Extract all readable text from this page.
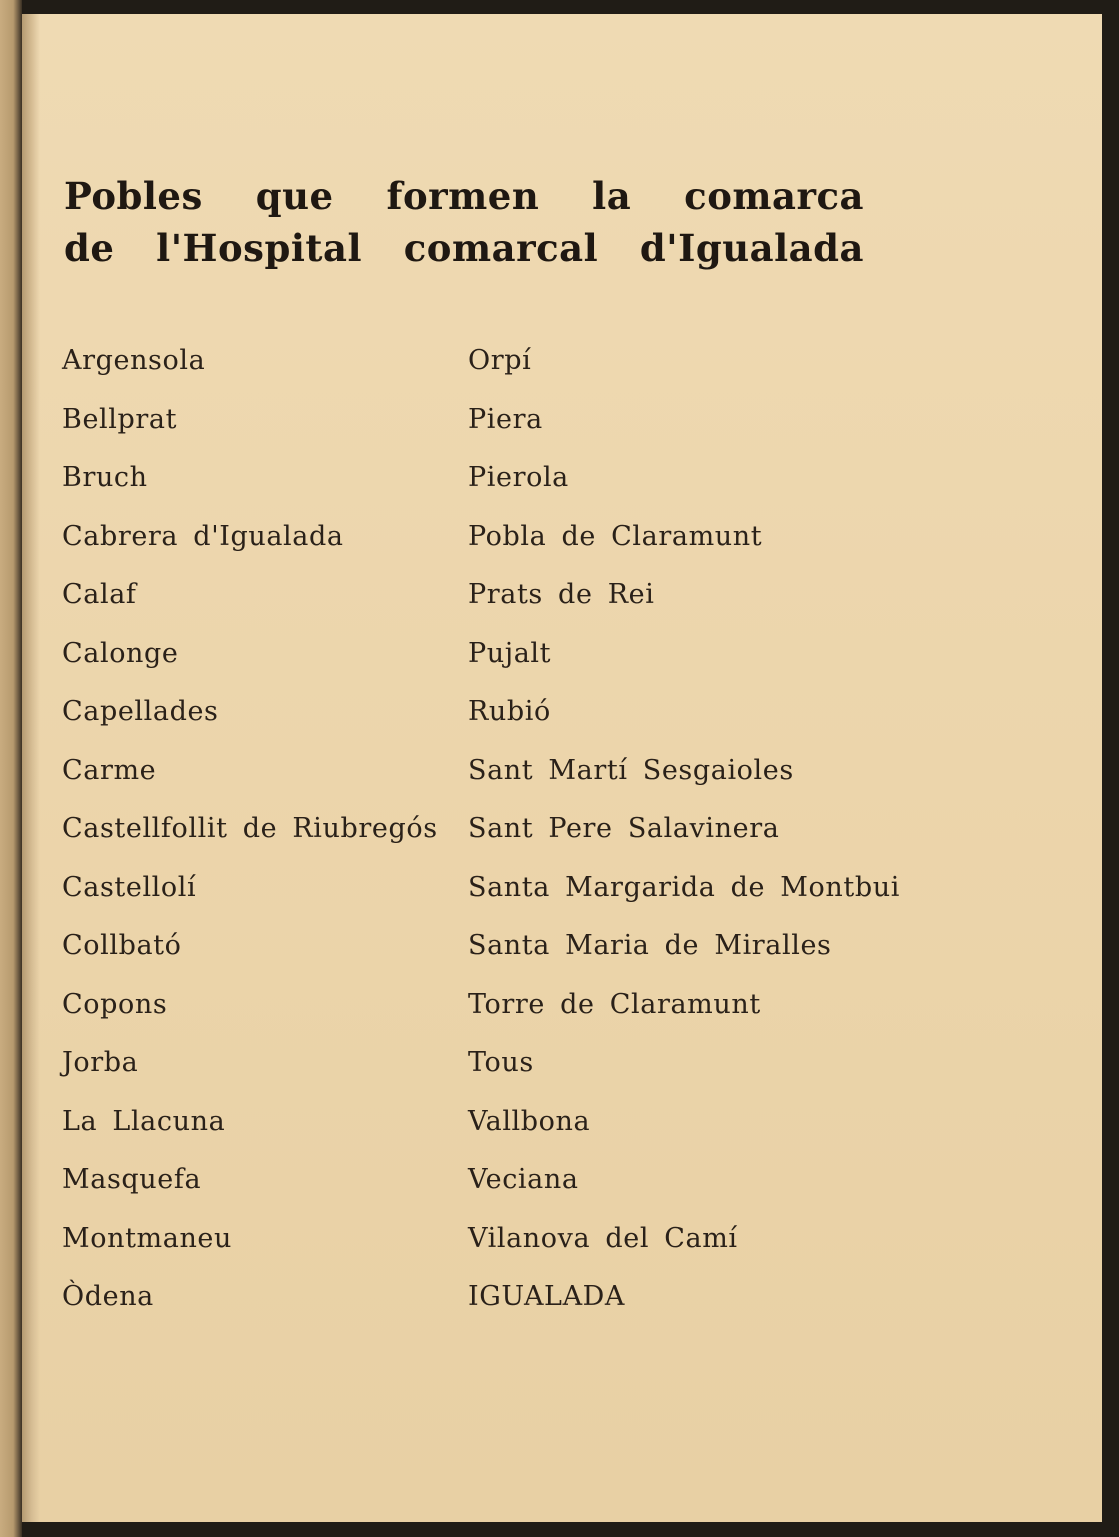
Pobles que formen la comarca
de l'Hospital comarcal d'Igualada
Argensola
Bellprat
Bruch
Cabrera d'Igualada
Calaf
Calonge
Capellades
Carme
Castellfollit de Riubregós
Castellolí
Collbató
Copons
Jorba
La Llacuna
Masquefa
Montmaneu
Òdena
Orpí
Piera
Pierola
Pobla de Claramunt
Prats de Rei
Pujalt
Rubió
Sant Martí Sesgaioles
Sant Pere Salavinera
Santa Margarida de Montbui
Santa Maria de Miralles
Torre de Claramunt
Tous
Vallbona
Veciana
Vilanova del Camí
IGUALADA
